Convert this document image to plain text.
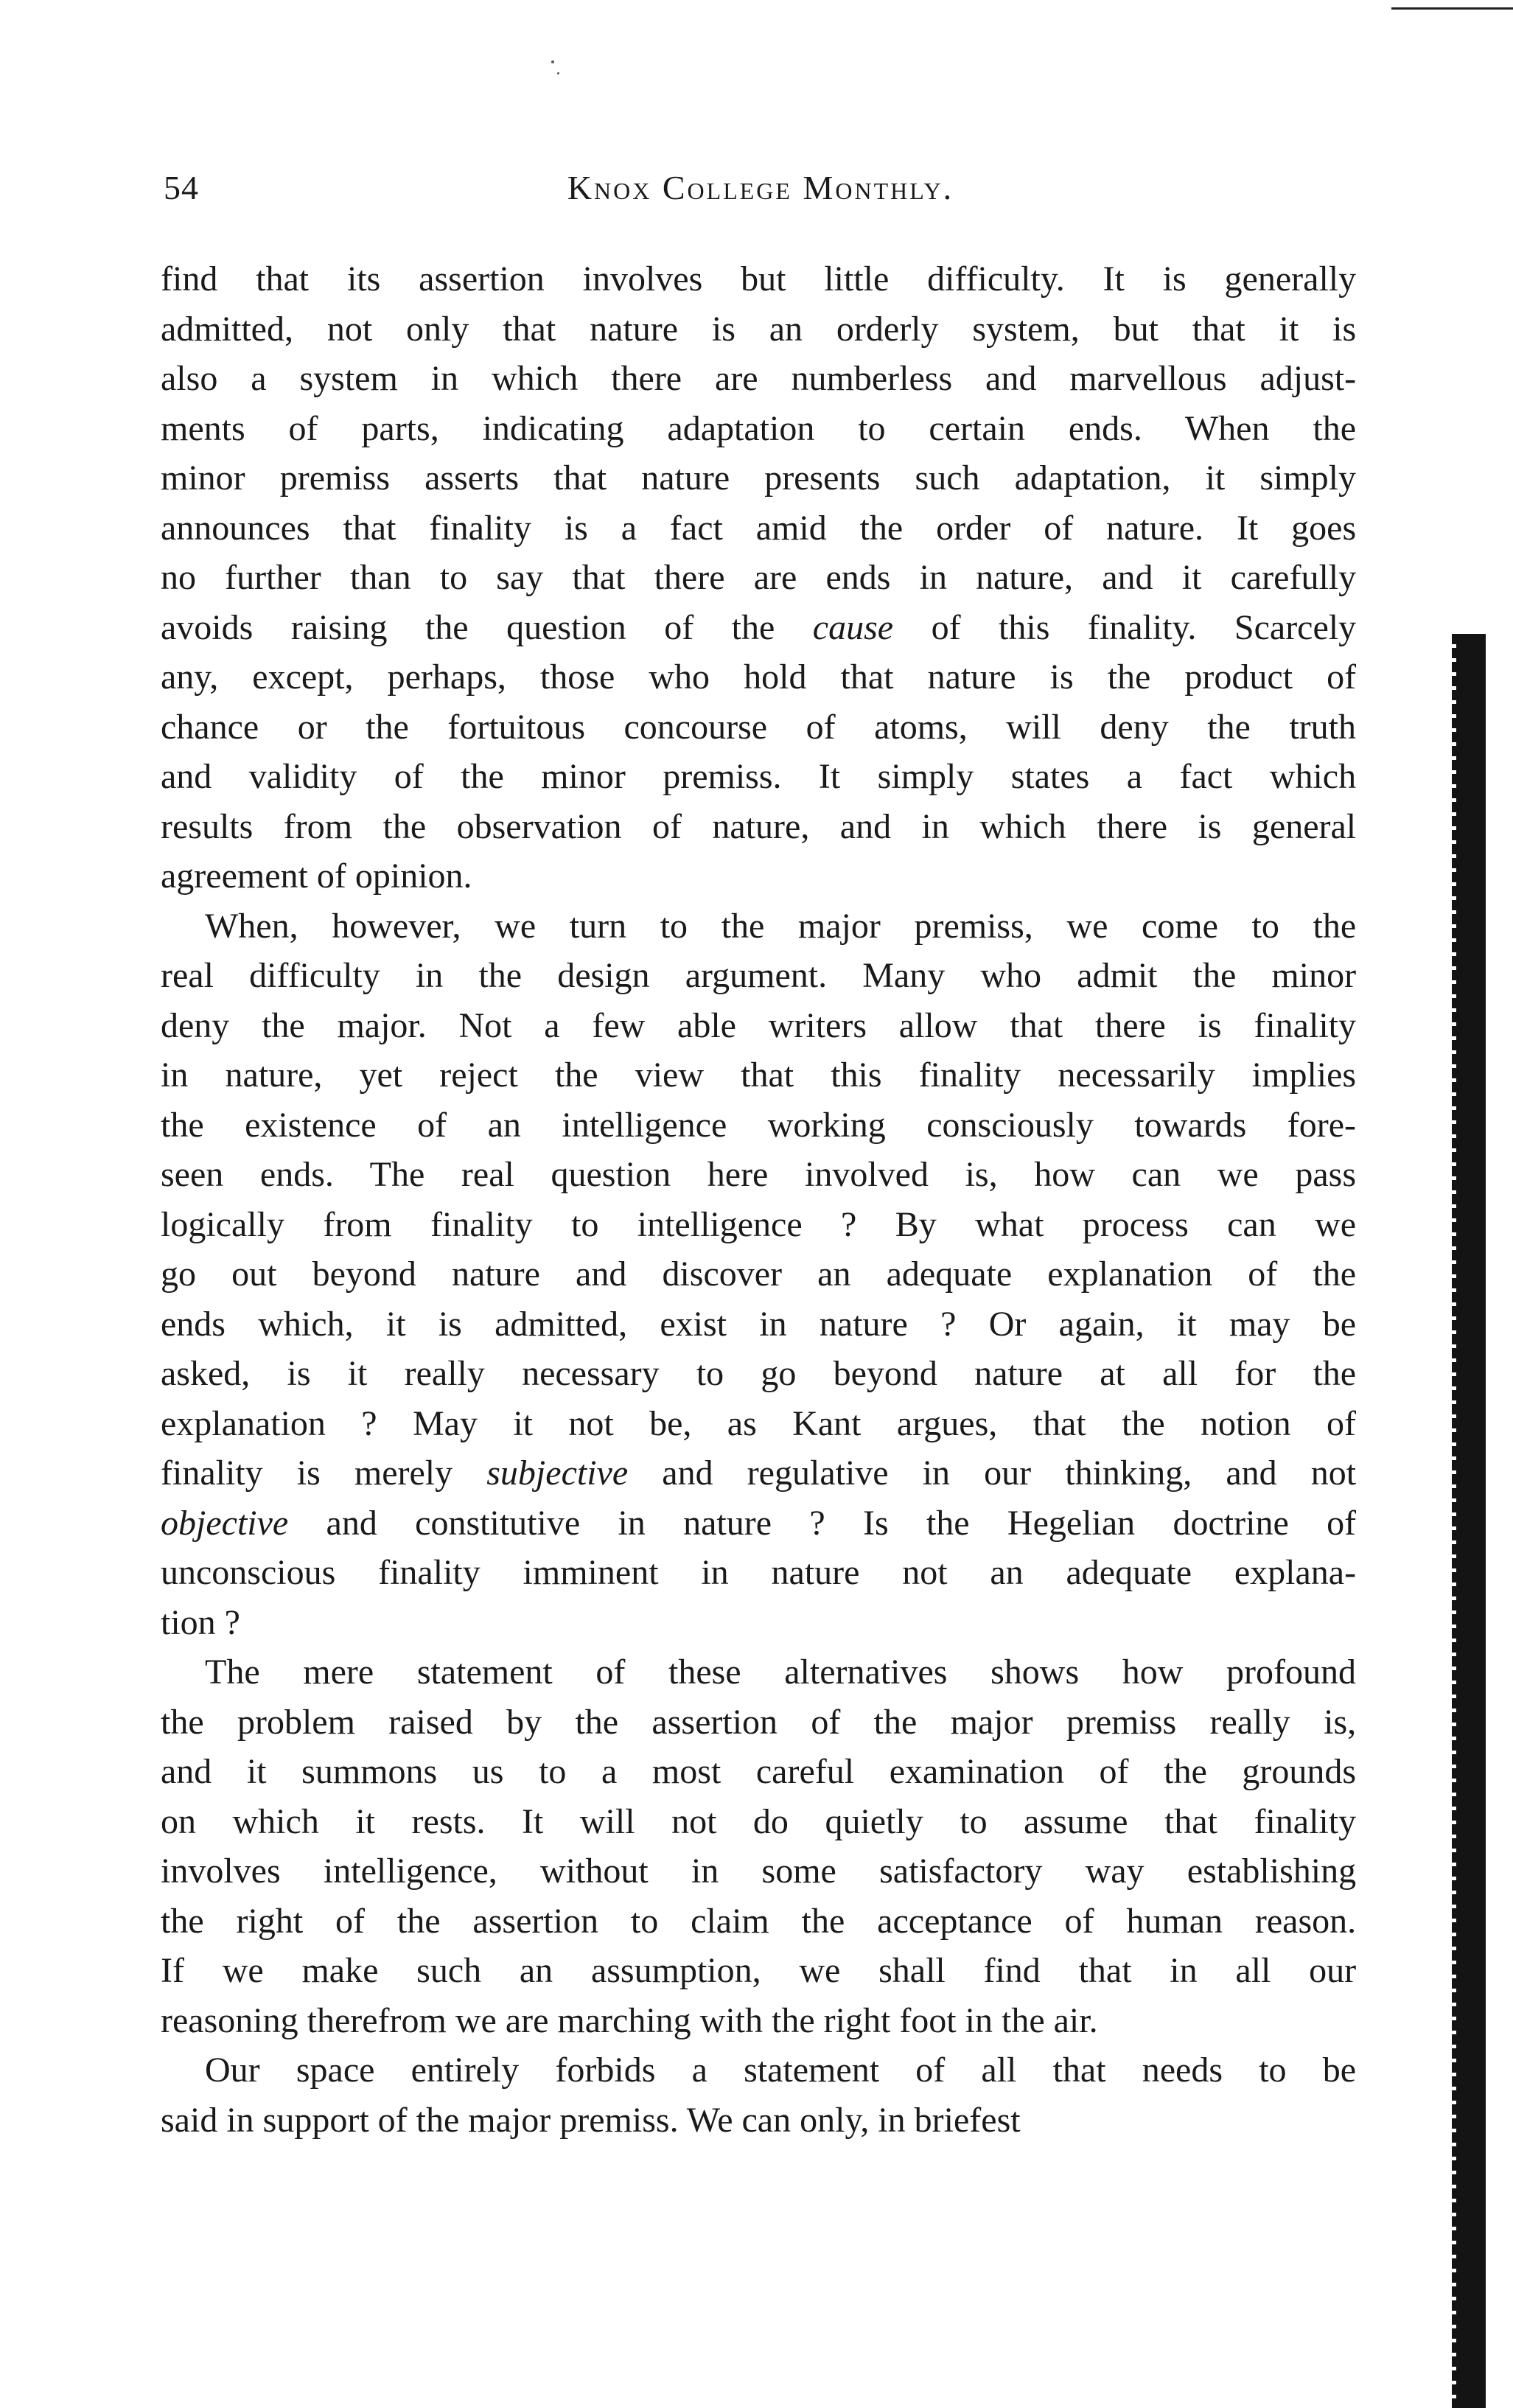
54	Knox College Monthly.

find that its assertion involves but little difficulty. It is generally
admitted, not only that nature is an orderly system, but that it is
also a system in which there are numberless and marvellous adjust-
ments of parts, indicating adaptation to certain ends. When the
minor premiss asserts that nature presents such adaptation, it simply
announces that finality is a fact amid the order of nature. It goes
no further than to say that there are ends in nature, and it carefully
avoids raising the question of the cause of this finality. Scarcely
any, except, perhaps, those who hold that nature is the product of
chance or the fortuitous concourse of atoms, will deny the truth
and validity of the minor premiss. It simply states a fact which
results from the observation of nature, and in which there is general
agreement of opinion.

When, however, we turn to the major premiss, we come to the
real difficulty in the design argument. Many who admit the minor
deny the major. Not a few able writers allow that there is finality
in nature, yet reject the view that this finality necessarily implies
the existence of an intelligence working consciously towards fore-
seen ends. The real question here involved is, how can we pass
logically from finality to intelligence ? By what process can we
go out beyond nature and discover an adequate explanation of the
ends which, it is admitted, exist in nature ? Or again, it may be
asked, is it really necessary to go beyond nature at all for the
explanation ? May it not be, as Kant argues, that the notion of
finality is merely subjective and regulative in our thinking, and not
objective and constitutive in nature ? Is the Hegelian doctrine of
unconscious finality imminent in nature not an adequate explana-
tion ?

The mere statement of these alternatives shows how profound
the problem raised by the assertion of the major premiss really is,
and it summons us to a most careful examination of the grounds
on which it rests. It will not do quietly to assume that finality
involves intelligence, without in some satisfactory way establishing
the right of the assertion to claim the acceptance of human reason.
If we make such an assumption, we shall find that in all our
reasoning therefrom we are marching with the right foot in the air.

Our space entirely forbids a statement of all that needs to be
said in support of the major premiss. We can only, in briefest
